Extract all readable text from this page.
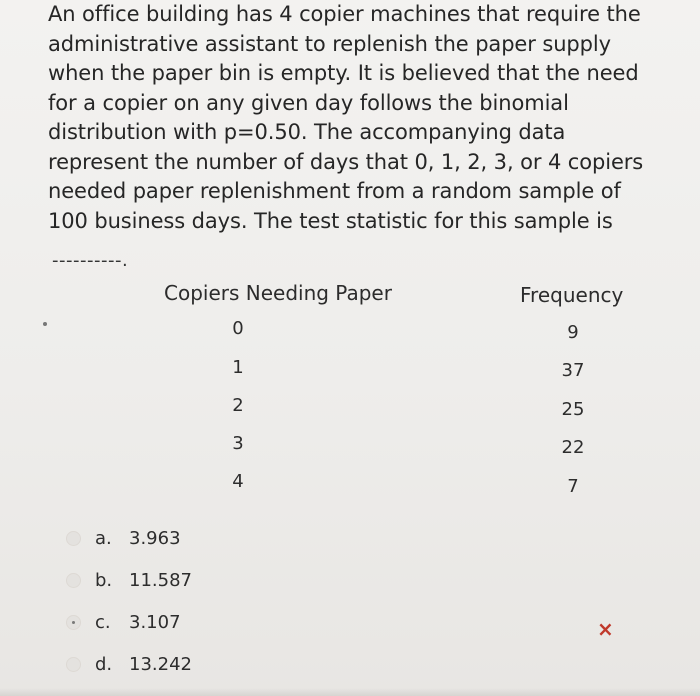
An office building has 4 copier machines that require the
administrative assistant to replenish the paper supply
when the paper bin is empty. It is believed that the need
for a copier on any given day follows the binomial
distribution with p=0.50. The accompanying data
represent the number of days that 0, 1, 2, 3, or 4 copiers
needed paper replenishment from a random sample of
100 business days. The test statistic for this sample is
----------.
Copiers Needing Paper	Frequency
0	9
1	37
2	25
3	22
4	7
a. 3.963
b. 11.587
c.	3.107
d. 13.242
×
